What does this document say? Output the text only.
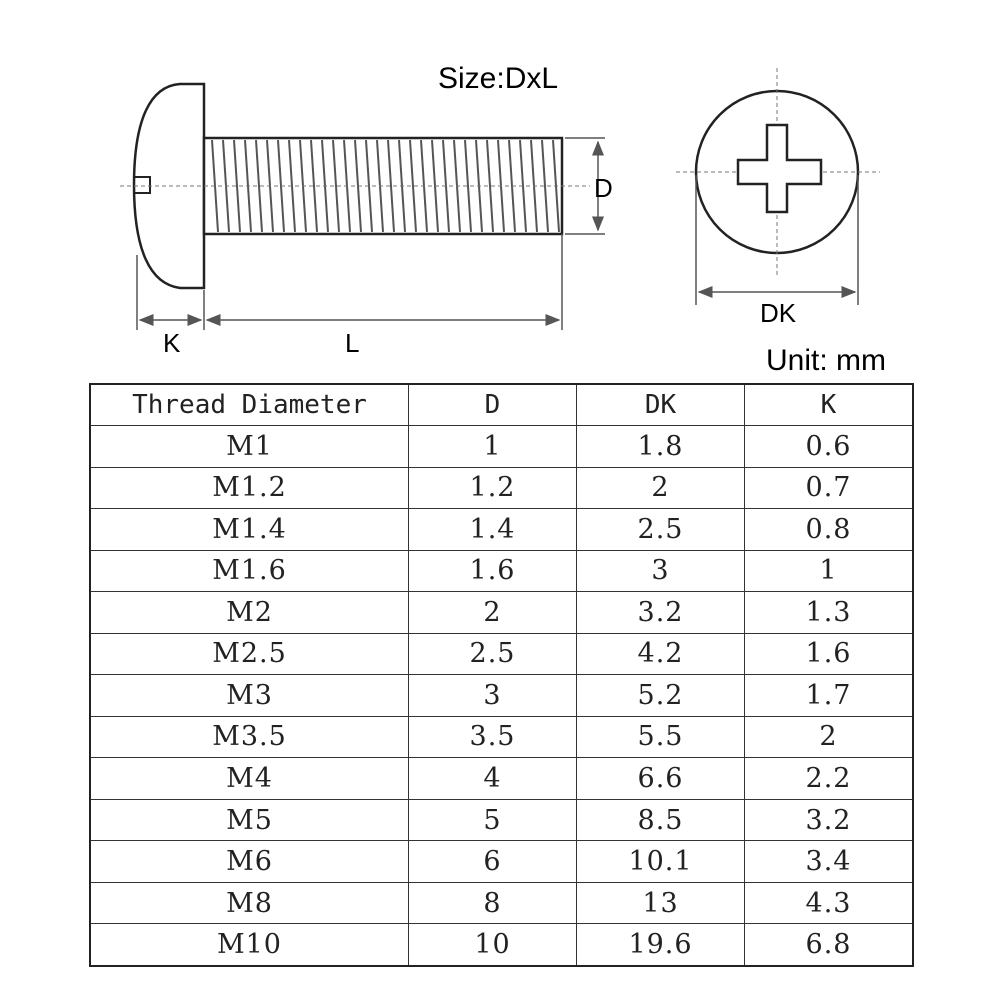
Size:DxL
D
K	L
DK
Unit: mm
Thread Diameter	D	DK	K
M1	1	1.8	0.6
M1.2	1.2	2	0.7
M1.4	1.4	2.5	0.8
M1.6	1.6	3	1
M2	2	3.2	1.3
M2.5	2.5	4.2	1.6
M3	3	5.2	1.7
M3.5	3.5	5.5	2
M4	4	6.6	2.2
M5	5	8.5	3.2
M6	6	10.1	3.4
M8	8	13	4.3
M10	10	19.6	6.8
